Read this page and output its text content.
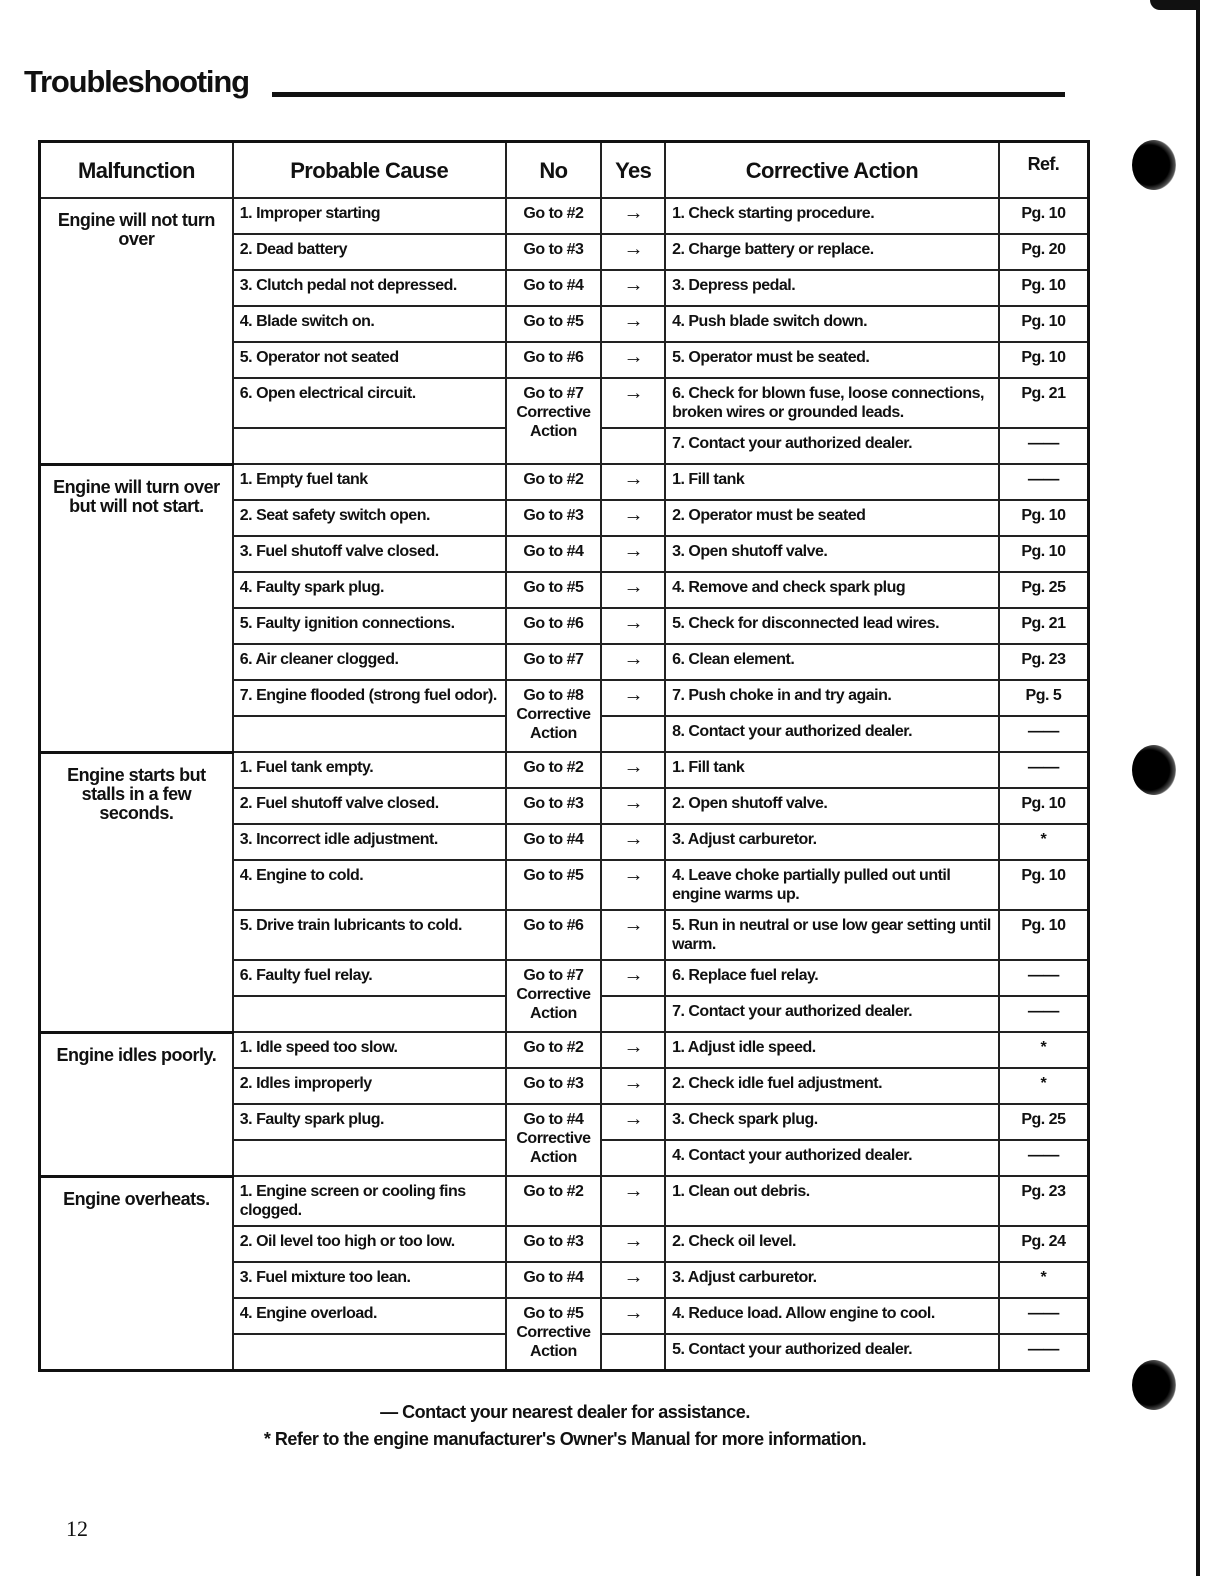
Troubleshooting
Malfunction	Probable Cause	No	Yes	Corrective Action	Ref.
Engine will not turn over	1. Improper starting	Go to #2	→	1. Check starting procedure.	Pg. 10
	2. Dead battery	Go to #3	→	2. Charge battery or replace.	Pg. 20
	3. Clutch pedal not depressed.	Go to #4	→	3. Depress pedal.	Pg. 10
	4. Blade switch on.	Go to #5	→	4. Push blade switch down.	Pg. 10
	5. Operator not seated	Go to #6	→	5. Operator must be seated.	Pg. 10
	6. Open electrical circuit.	Go to #7 Corrective Action	→	6. Check for blown fuse, loose connections, broken wires or grounded leads.	Pg. 21
				7. Contact your authorized dealer.	——
Engine will turn over but will not start.	1. Empty fuel tank	Go to #2	→	1. Fill tank	——
	2. Seat safety switch open.	Go to #3	→	2. Operator must be seated	Pg. 10
	3. Fuel shutoff valve closed.	Go to #4	→	3. Open shutoff valve.	Pg. 10
	4. Faulty spark plug.	Go to #5	→	4. Remove and check spark plug	Pg. 25
	5. Faulty ignition connections.	Go to #6	→	5. Check for disconnected lead wires.	Pg. 21
	6. Air cleaner clogged.	Go to #7	→	6. Clean element.	Pg. 23
	7. Engine flooded (strong fuel odor).	Go to #8 Corrective Action	→	7. Push choke in and try again.	Pg. 5
				8. Contact your authorized dealer.	——
Engine starts but stalls in a few seconds.	1. Fuel tank empty.	Go to #2	→	1. Fill tank	——
	2. Fuel shutoff valve closed.	Go to #3	→	2. Open shutoff valve.	Pg. 10
	3. Incorrect idle adjustment.	Go to #4	→	3. Adjust carburetor.	*
	4. Engine to cold.	Go to #5	→	4. Leave choke partially pulled out until engine warms up.	Pg. 10
	5. Drive train lubricants to cold.	Go to #6	→	5. Run in neutral or use low gear setting until warm.	Pg. 10
	6. Faulty fuel relay.	Go to #7 Corrective Action	→	6. Replace fuel relay.	——
				7. Contact your authorized dealer.	——
Engine idles poorly.	1. Idle speed too slow.	Go to #2	→	1. Adjust idle speed.	*
	2. Idles improperly	Go to #3	→	2. Check idle fuel adjustment.	*
	3. Faulty spark plug.	Go to #4 Corrective Action	→	3. Check spark plug.	Pg. 25
				4. Contact your authorized dealer.	——
Engine overheats.	1. Engine screen or cooling fins clogged.	Go to #2	→	1. Clean out debris.	Pg. 23
	2. Oil level too high or too low.	Go to #3	→	2. Check oil level.	Pg. 24
	3. Fuel mixture too lean.	Go to #4	→	3. Adjust carburetor.	*
	4. Engine overload.	Go to #5 Corrective Action	→	4. Reduce load. Allow engine to cool.	——
				5. Contact your authorized dealer.	——
— Contact your nearest dealer for assistance.
* Refer to the engine manufacturer's Owner's Manual for more information.
12
